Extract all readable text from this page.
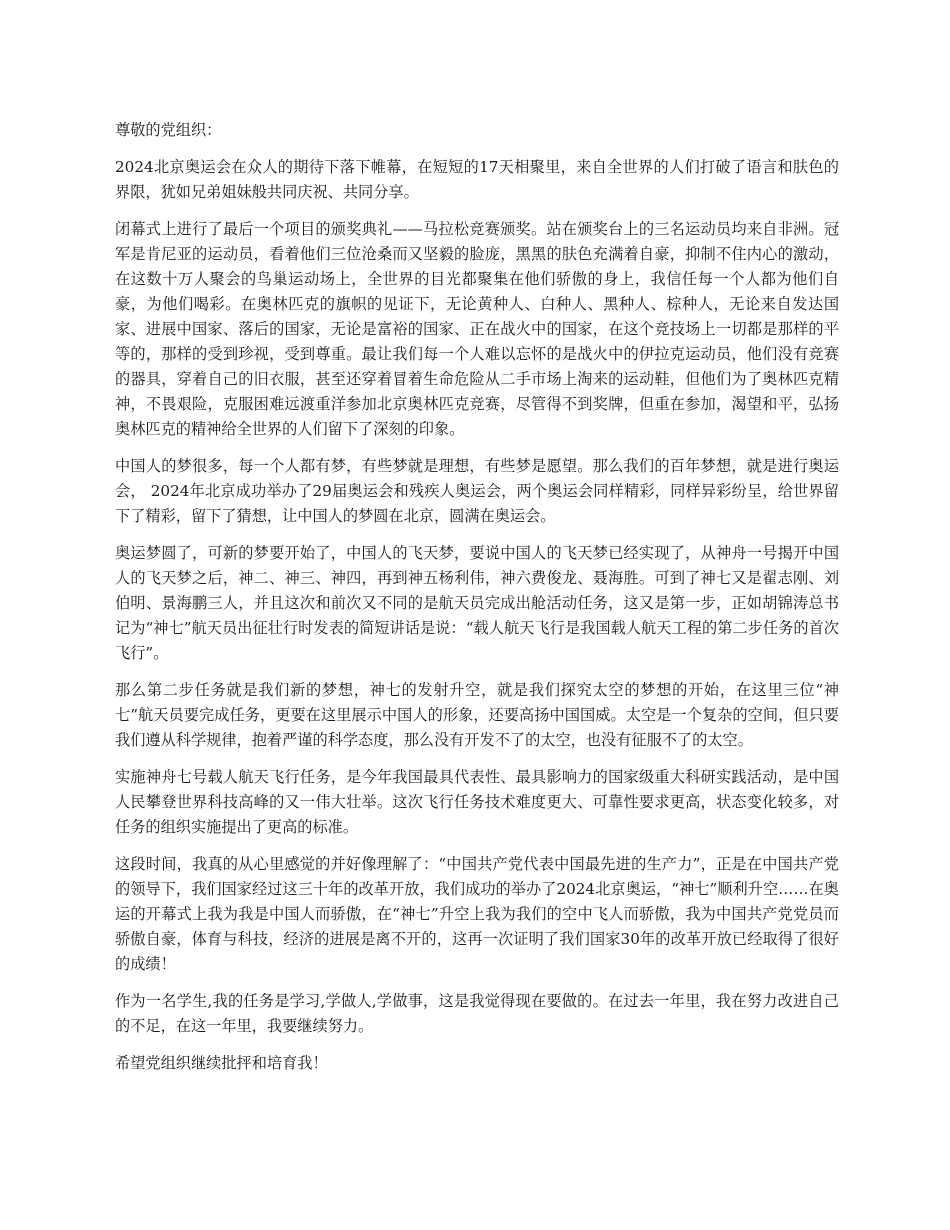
尊敬的党组织：

2024北京奥运会在众人的期待下落下帷幕，在短短的17天相聚里，来自全世界的人们打破了语言和肤色的界限，犹如兄弟姐妹般共同庆祝、共同分享。

闭幕式上进行了最后一个项目的颁奖典礼——马拉松竞赛颁奖。站在颁奖台上的三名运动员均来自非洲。冠军是肯尼亚的运动员，看着他们三位沧桑而又坚毅的脸庞，黑黑的肤色充满着自豪，抑制不住内心的激动，在这数十万人聚会的鸟巢运动场上，全世界的目光都聚集在他们骄傲的身上，我信任每一个人都为他们自豪，为他们喝彩。在奥林匹克的旗帜的见证下，无论黄种人、白种人、黑种人、棕种人，无论来自发达国家、进展中国家、落后的国家，无论是富裕的国家、正在战火中的国家，在这个竞技场上一切都是那样的平等的，那样的受到珍视，受到尊重。最让我们每一个人难以忘怀的是战火中的伊拉克运动员，他们没有竞赛的器具，穿着自己的旧衣服，甚至还穿着冒着生命危险从二手市场上淘来的运动鞋，但他们为了奥林匹克精神，不畏艰险，克服困难远渡重洋参加北京奥林匹克竞赛，尽管得不到奖牌，但重在参加，渴望和平，弘扬奥林匹克的精神给全世界的人们留下了深刻的印象。

中国人的梦很多，每一个人都有梦，有些梦就是理想，有些梦是愿望。那么我们的百年梦想，就是进行奥运会， 2024年北京成功举办了29届奥运会和残疾人奥运会，两个奥运会同样精彩，同样异彩纷呈，给世界留下了精彩，留下了猜想，让中国人的梦圆在北京，圆满在奥运会。

奥运梦圆了，可新的梦要开始了，中国人的飞天梦，要说中国人的飞天梦已经实现了，从神舟一号揭开中国人的飞天梦之后，神二、神三、神四，再到神五杨利伟，神六费俊龙、聂海胜。可到了神七又是翟志刚、刘伯明、景海鹏三人，并且这次和前次又不同的是航天员完成出舱活动任务，这又是第一步，正如胡锦涛总书记为“神七”航天员出征壮行时发表的简短讲话是说：“载人航天飞行是我国载人航天工程的第二步任务的首次飞行”。

那么第二步任务就是我们新的梦想，神七的发射升空，就是我们探究太空的梦想的开始，在这里三位“神七”航天员要完成任务，更要在这里展示中国人的形象，还要高扬中国国威。太空是一个复杂的空间，但只要我们遵从科学规律，抱着严谨的科学态度，那么没有开发不了的太空，也没有征服不了的太空。

实施神舟七号载人航天飞行任务，是今年我国最具代表性、最具影响力的国家级重大科研实践活动，是中国人民攀登世界科技高峰的又一伟大壮举。这次飞行任务技术难度更大、可靠性要求更高，状态变化较多，对任务的组织实施提出了更高的标准。

这段时间，我真的从心里感觉的并好像理解了：“中国共产党代表中国最先进的生产力”，正是在中国共产党的领导下，我们国家经过这三十年的改革开放，我们成功的举办了2024北京奥运，“神七”顺利升空……在奥运的开幕式上我为我是中国人而骄傲，在“神七”升空上我为我们的空中飞人而骄傲，我为中国共产党党员而骄傲自豪，体育与科技，经济的进展是离不开的，这再一次证明了我们国家30年的改革开放已经取得了很好的成绩！

作为一名学生,我的任务是学习,学做人,学做事，这是我觉得现在要做的。在过去一年里，我在努力改进自己的不足，在这一年里，我要继续努力。

希望党组织继续批抨和培育我！
